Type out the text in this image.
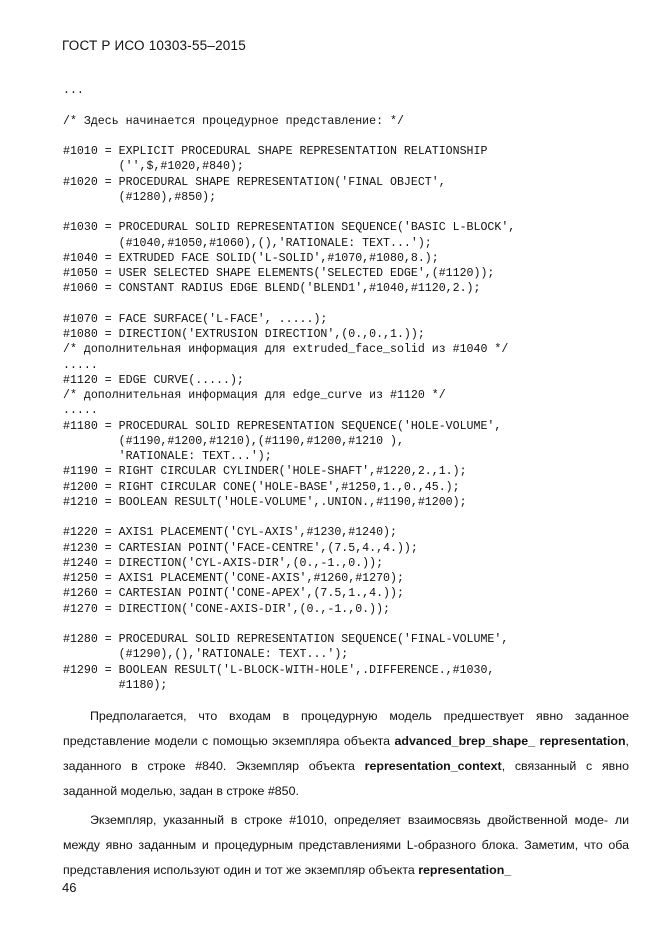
ГОСТ Р ИСО 10303-55–2015
...
/* Здесь начинается процедурное представление: */
#1010 = EXPLICIT PROCEDURAL SHAPE REPRESENTATION RELATIONSHIP
('',$,#1020,#840);
#1020 = PROCEDURAL SHAPE REPRESENTATION('FINAL OBJECT',
(#1280),#850);
#1030 = PROCEDURAL SOLID REPRESENTATION SEQUENCE('BASIC L-BLOCK',
(#1040,#1050,#1060),(),'RATIONALE: TEXT...');
#1040 = EXTRUDED FACE SOLID('L-SOLID',#1070,#1080,8.);
#1050 = USER SELECTED SHAPE ELEMENTS('SELECTED EDGE',(#1120));
#1060 = CONSTANT RADIUS EDGE BLEND('BLEND1',#1040,#1120,2.);
#1070 = FACE SURFACE('L-FACE', .....);
#1080 = DIRECTION('EXTRUSION DIRECTION',(0.,0.,1.));
/* дополнительная информация для extruded_face_solid из #1040 */
.....
#1120 = EDGE CURVE(.....);
/* дополнительная информация для edge_curve из #1120 */
.....
#1180 = PROCEDURAL SOLID REPRESENTATION SEQUENCE('HOLE-VOLUME',
(#1190,#1200,#1210),(#1190,#1200,#1210 ),
'RATIONALE: TEXT...');
#1190 = RIGHT CIRCULAR CYLINDER('HOLE-SHAFT',#1220,2.,1.);
#1200 = RIGHT CIRCULAR CONE('HOLE-BASE',#1250,1.,0.,45.);
#1210 = BOOLEAN RESULT('HOLE-VOLUME',.UNION.,#1190,#1200);
#1220 = AXIS1 PLACEMENT('CYL-AXIS',#1230,#1240);
#1230 = CARTESIAN POINT('FACE-CENTRE',(7.5,4.,4.));
#1240 = DIRECTION('CYL-AXIS-DIR',(0.,-1.,0.));
#1250 = AXIS1 PLACEMENT('CONE-AXIS',#1260,#1270);
#1260 = CARTESIAN POINT('CONE-APEX',(7.5,1.,4.));
#1270 = DIRECTION('CONE-AXIS-DIR',(0.,-1.,0.));
#1280 = PROCEDURAL SOLID REPRESENTATION SEQUENCE('FINAL-VOLUME',
(#1290),(),'RATIONALE: TEXT...');
#1290 = BOOLEAN RESULT('L-BLOCK-WITH-HOLE',.DIFFERENCE.,#1030,
#1180);

Предполагается, что входам в процедурную модель предшествует явно заданное представление модели с помощью экземпляра объекта advanced_brep_shape_ representation, заданного в строке #840. Экземпляр объекта representation_context, связанный с явно заданной моделью, задан в строке #850.

Экземпляр, указанный в строке #1010, определяет взаимосвязь двойственной моде- ли между явно заданным и процедурным представлениями L-образного блока. Заметим, что оба представления используют один и тот же экземпляр объекта representation_

46
